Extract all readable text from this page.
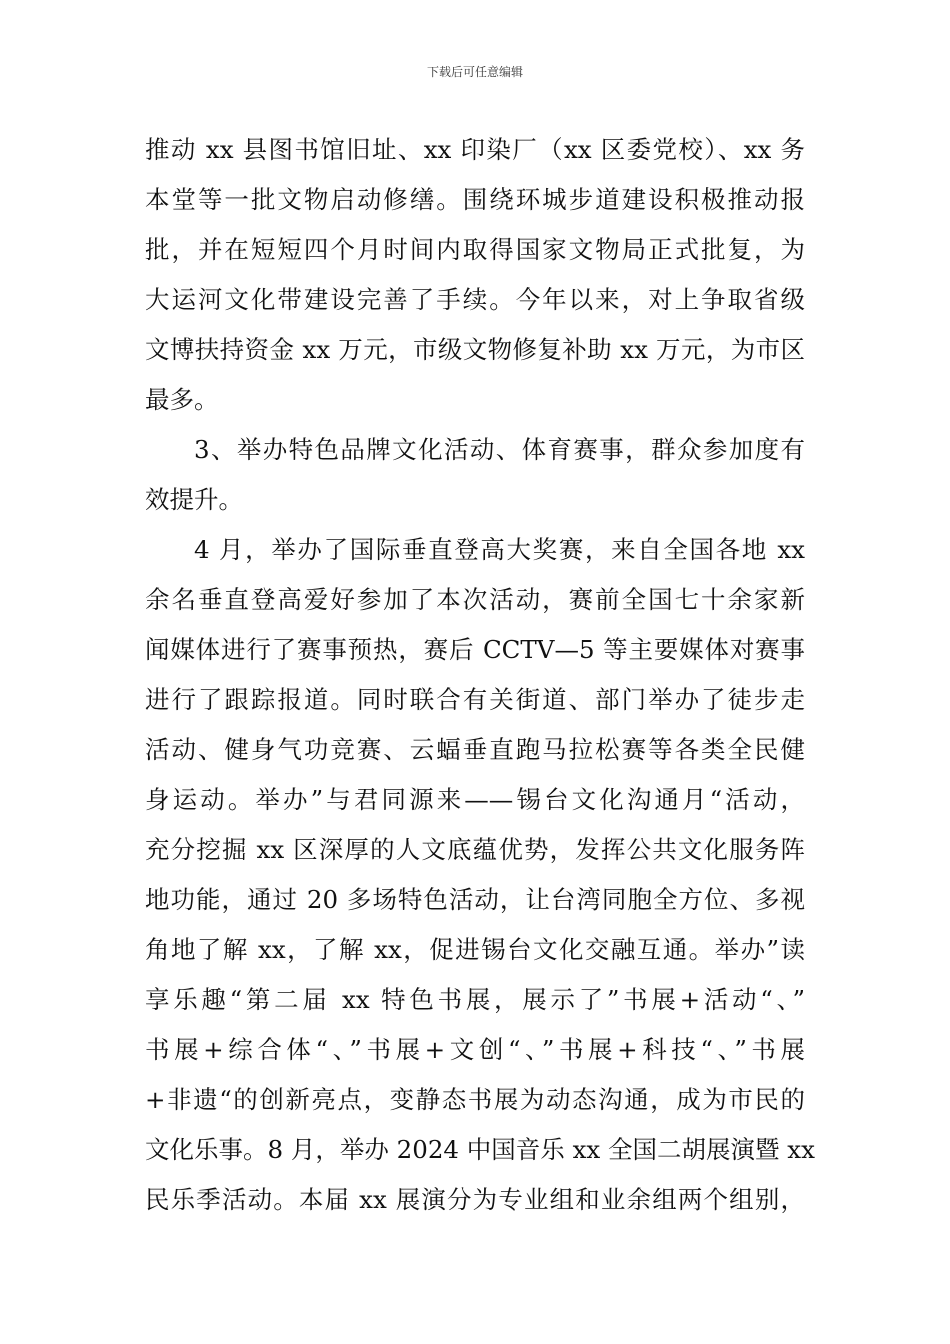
下载后可任意编辑
推动 xx 县图书馆旧址、xx 印染厂（xx 区委党校）、xx 务
本堂等一批文物启动修缮。围绕环城步道建设积极推动报
批，并在短短四个月时间内取得国家文物局正式批复，为
大运河文化带建设完善了手续。今年以来，对上争取省级
文博扶持资金 xx 万元，市级文物修复补助 xx 万元，为市区
最多。
3、举办特色品牌文化活动、体育赛事，群众参加度有
效提升。
4 月，举办了国际垂直登高大奖赛，来自全国各地 xx
余名垂直登高爱好参加了本次活动，赛前全国七十余家新
闻媒体进行了赛事预热，赛后 CCTV—5 等主要媒体对赛事
进行了跟踪报道。同时联合有关街道、部门举办了徒步走
活动、健身气功竞赛、云蝠垂直跑马拉松赛等各类全民健
身运动。举办”与君同源来——锡台文化沟通月“活动，
充分挖掘 xx 区深厚的人文底蕴优势，发挥公共文化服务阵
地功能，通过 20 多场特色活动，让台湾同胞全方位、多视
角地了解 xx，了解 xx，促进锡台文化交融互通。举办”读
享乐趣“第二届 xx 特色书展，展示了”书展+活动“、”
书展+综合体“、”书展+文创“、”书展+科技“、”书展
+非遗“的创新亮点，变静态书展为动态沟通，成为市民的
文化乐事。8 月，举办 2024 中国音乐 xx 全国二胡展演暨 xx
民乐季活动。本届 xx 展演分为专业组和业余组两个组别，
